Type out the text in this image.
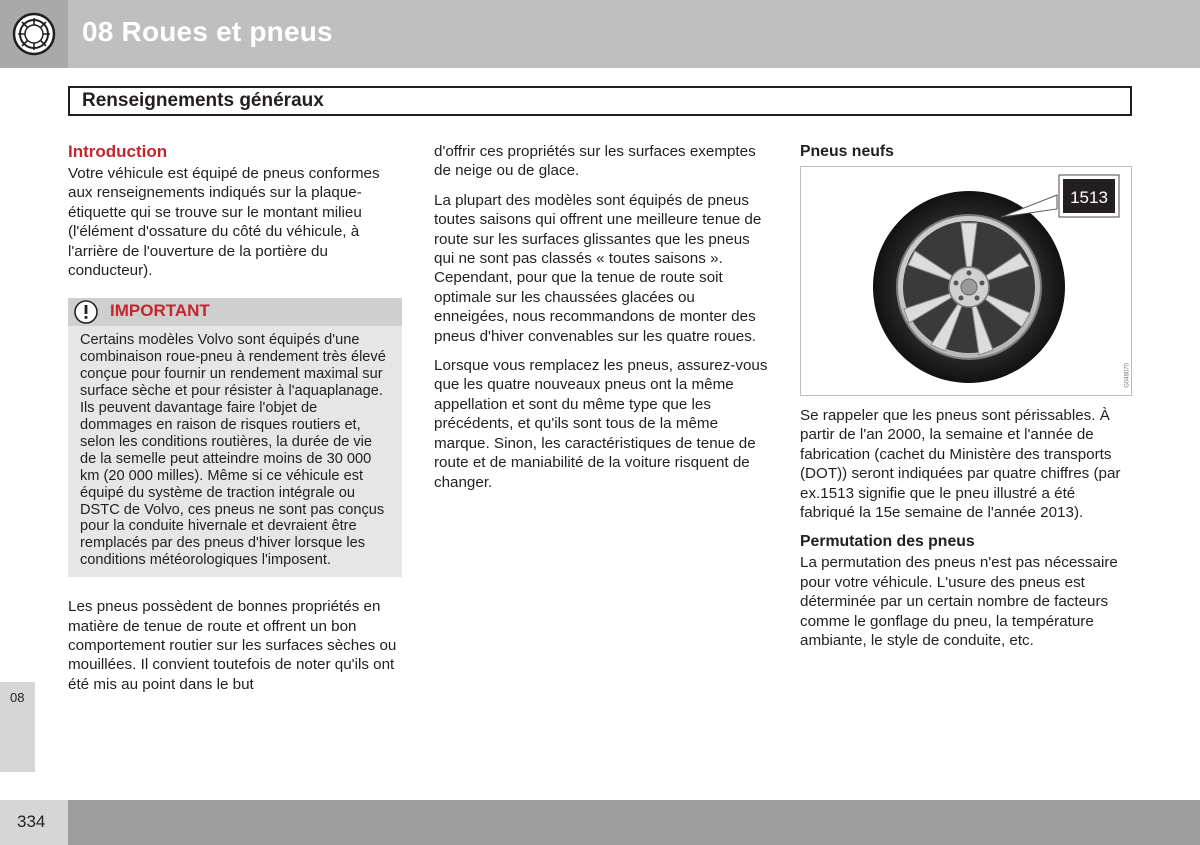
08 Roues et pneus
Renseignements généraux
Introduction

Votre véhicule est équipé de pneus conformes aux renseignements indiqués sur la plaque-étiquette qui se trouve sur le montant milieu (l'élément d'ossature du côté du véhicule, à l'arrière de l'ouverture de la portière du conducteur).

IMPORTANT
Certains modèles Volvo sont équipés d'une combinaison roue-pneu à rendement très élevé conçue pour fournir un rendement maximal sur surface sèche et pour résister à l'aquaplanage. Ils peuvent davantage faire l'objet de dommages en raison de risques routiers et, selon les conditions routières, la durée de vie de la semelle peut atteindre moins de 30 000 km (20 000 milles). Même si ce véhicule est équipé du système de traction intégrale ou DSTC de Volvo, ces pneus ne sont pas conçus pour la conduite hivernale et devraient être remplacés par des pneus d'hiver lorsque les conditions météorologiques l'imposent.

Les pneus possèdent de bonnes propriétés en matière de tenue de route et offrent un bon comportement routier sur les surfaces sèches ou mouillées. Il convient toutefois de noter qu'ils ont été mis au point dans le but

d'offrir ces propriétés sur les surfaces exemptes de neige ou de glace.

La plupart des modèles sont équipés de pneus toutes saisons qui offrent une meilleure tenue de route sur les surfaces glissantes que les pneus qui ne sont pas classés « toutes saisons ». Cependant, pour que la tenue de route soit optimale sur les chaussées glacées ou enneigées, nous recommandons de monter des pneus d'hiver convenables sur les quatre roues.

Lorsque vous remplacez les pneus, assurez-vous que les quatre nouveaux pneus ont la même appellation et sont du même type que les précédents, et qu'ils sont tous de la même marque. Sinon, les caractéristiques de tenue de route et de maniabilité de la voiture risquent de changer.

Pneus neufs
1513
G048070

Se rappeler que les pneus sont périssables. À partir de l'an 2000, la semaine et l'année de fabrication (cachet du Ministère des transports (DOT)) seront indiquées par quatre chiffres (par ex.1513 signifie que le pneu illustré a été fabriqué la 15e semaine de l'année 2013).

Permutation des pneus

La permutation des pneus n'est pas nécessaire pour votre véhicule. L'usure des pneus est déterminée par un certain nombre de facteurs comme le gonflage du pneu, la température ambiante, le style de conduite, etc.

08
334
